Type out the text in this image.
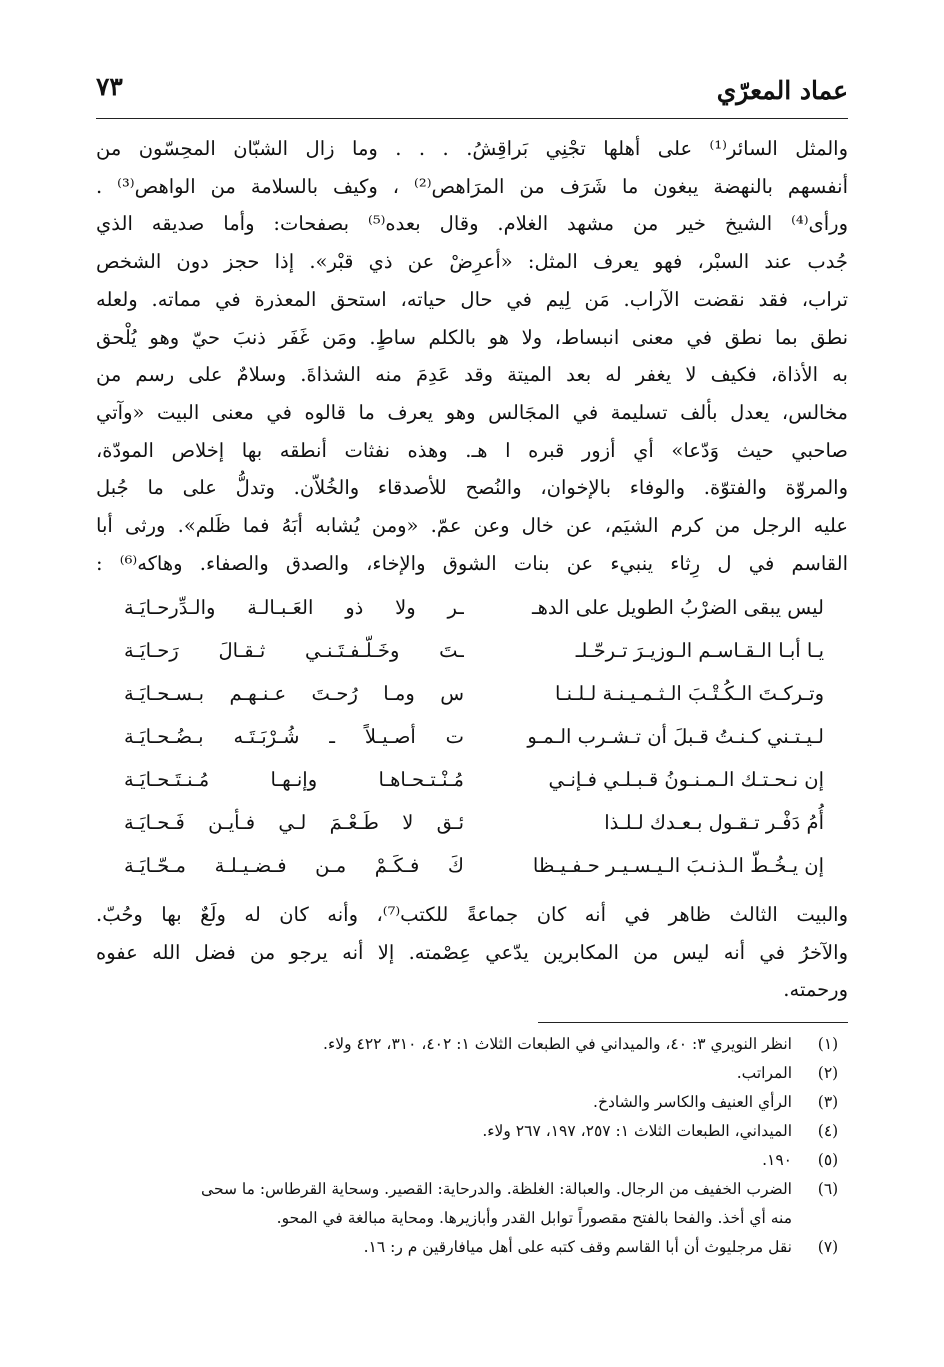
عماد المعرّي
٧٣
والمثل السائر⁽¹⁾ على أهلها تجْنِي بَراقِشُ. . . . وما زال الشبّان المحِسّون من
أنفسهم بالنهضة يبغون ما شَرَف من المرَاهص⁽²⁾ ، وكيف بالسلامة من الواهص⁽³⁾ .
ورأى⁽⁴⁾ الشيخ خير من مشهد الغلام. وقال بعده⁽⁵⁾ بصفحات: وأما صديقه الذي
جُدب عند السبْر، فهو يعرف المثل: «أعرِضْ عن ذي قبْر». إذا حجز دون الشخص
تراب، فقد نقضت الآراب. مَن لِيم في حال حياته، استحق المعذرة في مماته. ولعله
نطق بما نطق في معنى انبساط، ولا هو بالكلم ساطٍ. ومَن غَفَر ذنبَ حيّ وهو يُلْحق
به الأذاة، فكيف لا يغفر له بعد الميتة وقد عَدِمَ منه الشذاةَ. وسلامٌ على رسم من
مخالس، يعدل بألف تسليمة في المجَالس وهو يعرف ما قالوه في معنى البيت «وآتي
صاحبي حيث وَدّعا» أي أزور قبره ا هـ. وهذه نفثات أنطقه بها إخلاص المودّة،
والمروّة والفتوّة. والوفاء بالإخوان، والنُصح للأصدقاء والخُلاّن. وتدلُّ على ما جُبل
عليه الرجل من كرم الشيَم، عن خال وعن عمّ. «ومن يُشابه أبَهُ فما ظَلم». ورثى أبا
القاسم في ل رِثاء ينبيء عن بنات الشوق والإخاء، والصدق والصفاء. وهاكه⁽⁶⁾ :
ليس يبقى الضرْبُ الطويل على الدهـ
ـر ولا ذو العَـبـالـة والـدِّرحـايَـة
يـا أبـا الـقـاسـم الـوزيـرَ تـرحّـلـ
ـتَ وخَـلّـفـتَـنـي ثـقـالَ رَحـايَـة
وتـركـتَ الـكُـتْـبَ الـثـمـيـنـة لـلـنـا
س ومـا رُحـتَ عـنـهـم بـسـحـايَـة
لـيـتـني كـنـتُ قـبلَ أن تـشـرب الـمـو
ت أصـيـلاً ـ شُـرْبَـتَـه بـضُـحـايَـة
إن نـحـتـك الـمـنـونُ قـبـلـي فـإنـي
مُـنْـتـحـاهـا وإنـهـا مُـنـتَـحـايَـة
أُمُ دَفْـر تـقـول بـعـدك لـلـذا
ئـق لا طَـعْـمَ لـي فـأيـن فَـحـايَـة
إن يـخُـطّ الـذنـبَ الـيـسـيـر حـفـيـظا
كَ فـكَـمْ مـن فـضـيـلـة مـحّـايَـة
والبيت الثالث ظاهر في أنه كان جماعةً للكتب⁽⁷⁾، وأنه كان له ولَعٌ بها وحُبّ.
والآخرُ في أنه ليس من المكابرين يدّعي عِصْمته. إلا أنه يرجو من فضل الله عفوه
ورحمته.
(١)
انظر النويري ٣: ٤٠، والميداني في الطبعات الثلاث ١: ٤٠٢، ٣١٠، ٤٢٢ ولاء.
(٢)
المراتب.
(٣)
الرأي العنيف والكاسر والشادخ.
(٤)
الميداني، الطبعات الثلاث ١: ٢٥٧، ١٩٧، ٢٦٧ ولاء.
(٥)
١٩٠.
(٦)
الضرب الخفيف من الرجال. والعبالة: الغلظة. والدرحاية: القصير. وسحاية القرطاس: ما سحى
منه أي أخذ. والفحا بالفتح مقصوراً توابل القدر وأبازيرها. ومحاية مبالغة في المحو.
(٧)
نقل مرجليوث أن أبا القاسم وقف كتبه على أهل ميافارقين م ر: ١٦.
